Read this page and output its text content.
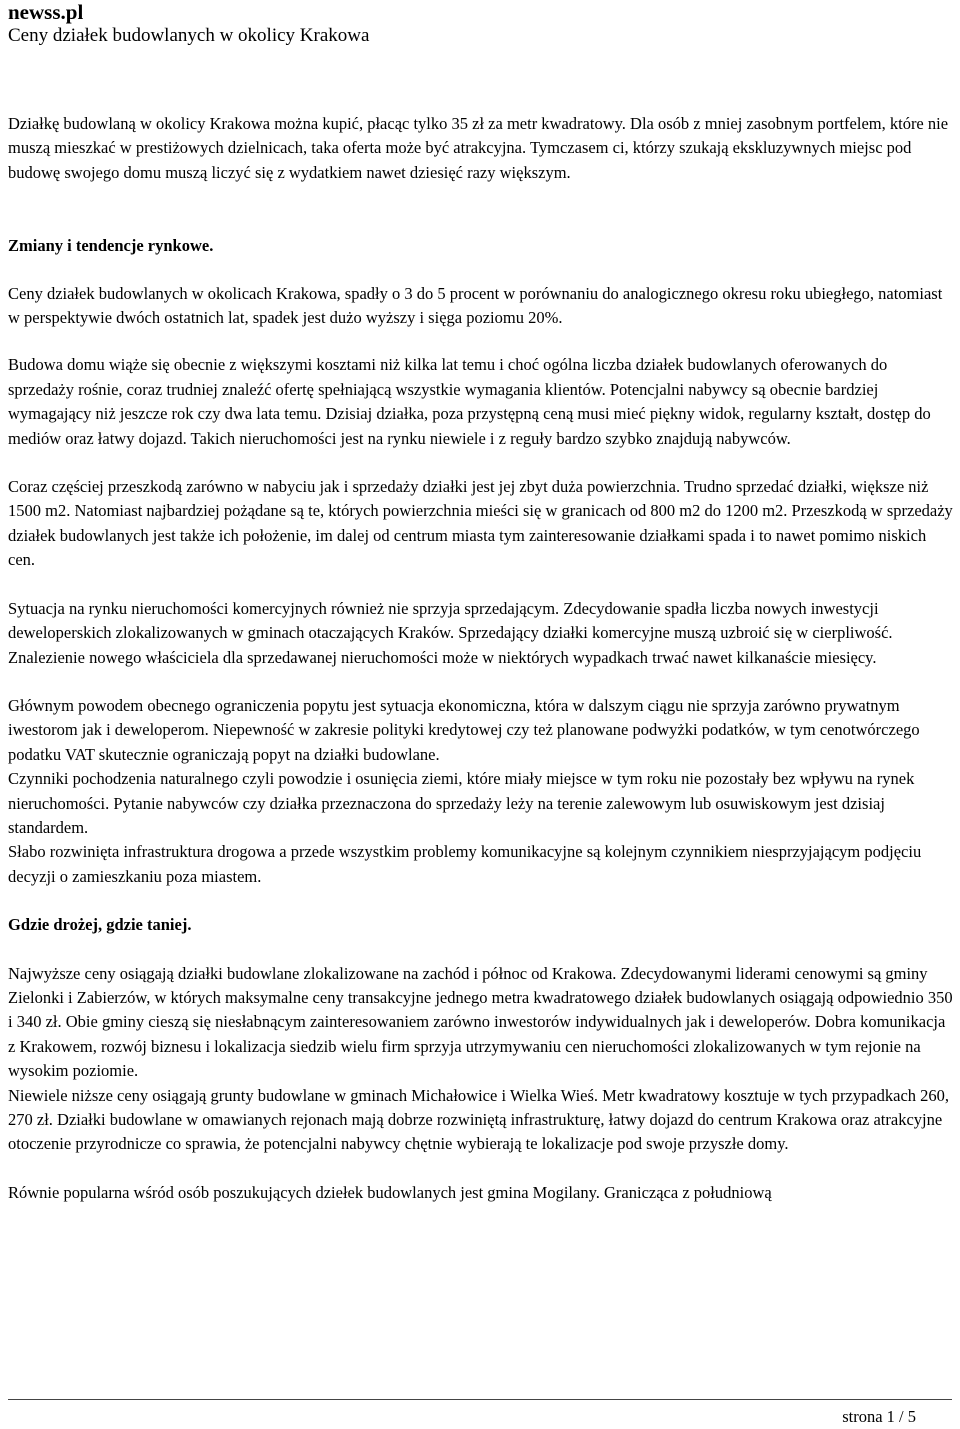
newss.pl

Ceny działek budowlanych w okolicy Krakowa

Działkę budowlaną w okolicy Krakowa można kupić, płacąc tylko 35 zł za metr kwadratowy. Dla osób z mniej zasobnym portfelem, które nie muszą mieszkać w prestiżowych dzielnicach, taka oferta może być atrakcyjna. Tymczasem ci, którzy szukają ekskluzywnych miejsc pod budowę swojego domu muszą liczyć się z wydatkiem nawet dziesięć razy większym.

Zmiany i tendencje rynkowe.

Ceny działek budowlanych w okolicach Krakowa, spadły o 3 do 5 procent w porównaniu do analogicznego okresu roku ubiegłego, natomiast w perspektywie dwóch ostatnich lat, spadek jest dużo wyższy i sięga poziomu 20%.

Budowa domu wiąże się obecnie z większymi kosztami niż kilka lat temu i choć ogólna liczba działek budowlanych oferowanych do sprzedaży rośnie, coraz trudniej znaleźć ofertę spełniającą wszystkie wymagania klientów. Potencjalni nabywcy są obecnie bardziej wymagający niż jeszcze rok czy dwa lata temu. Dzisiaj działka, poza przystępną ceną musi mieć piękny widok, regularny kształt, dostęp do mediów oraz łatwy dojazd. Takich nieruchomości jest na rynku niewiele i z reguły bardzo szybko znajdują nabywców.

Coraz częściej przeszkodą zarówno w nabyciu jak i sprzedaży działki jest jej zbyt duża powierzchnia. Trudno sprzedać działki, większe niż 1500 m2. Natomiast najbardziej pożądane są te, których powierzchnia mieści się w granicach od 800 m2 do 1200 m2. Przeszkodą w sprzedaży działek budowlanych jest także ich położenie, im dalej od centrum miasta tym zainteresowanie działkami spada i to nawet pomimo niskich cen.

Sytuacja na rynku nieruchomości komercyjnych również nie sprzyja sprzedającym. Zdecydowanie spadła liczba nowych inwestycji deweloperskich zlokalizowanych w gminach otaczających Kraków. Sprzedający działki komercyjne muszą uzbroić się w cierpliwość. Znalezienie nowego właściciela dla sprzedawanej nieruchomości może w niektórych wypadkach trwać nawet kilkanaście miesięcy.

Głównym powodem obecnego ograniczenia popytu jest sytuacja ekonomiczna, która w dalszym ciągu nie sprzyja zarówno prywatnym iwestorom jak i deweloperom. Niepewność w zakresie polityki kredytowej czy też planowane podwyżki podatków, w tym cenotwórczego podatku VAT skutecznie ograniczają popyt na działki budowlane.

Czynniki pochodzenia naturalnego czyli powodzie i osunięcia ziemi, które miały miejsce w tym roku nie pozostały bez wpływu na rynek nieruchomości. Pytanie nabywców czy działka przeznaczona do sprzedaży leży na terenie zalewowym lub osuwiskowym jest dzisiaj standardem.

Słabo rozwinięta infrastruktura drogowa a przede wszystkim problemy komunikacyjne są kolejnym czynnikiem niesprzyjającym podjęciu decyzji o zamieszkaniu poza miastem.

Gdzie drożej, gdzie taniej.

Najwyższe ceny osiągają działki budowlane zlokalizowane na zachód i północ od Krakowa. Zdecydowanymi liderami cenowymi są gminy Zielonki i Zabierzów, w których maksymalne ceny transakcyjne jednego metra kwadratowego działek budowlanych osiągają odpowiednio 350 i 340 zł. Obie gminy cieszą się niesłabnącym zainteresowaniem zarówno inwestorów indywidualnych jak i deweloperów. Dobra komunikacja z Krakowem, rozwój biznesu i lokalizacja siedzib wielu firm sprzyja utrzymywaniu cen nieruchomości zlokalizowanych w tym rejonie na wysokim poziomie.

Niewiele niższe ceny osiągają grunty budowlane w gminach Michałowice i Wielka Wieś. Metr kwadratowy kosztuje w tych przypadkach 260, 270 zł. Działki budowlane w omawianych rejonach mają dobrze rozwiniętą infrastrukturę, łatwy dojazd do centrum Krakowa oraz atrakcyjne otoczenie przyrodnicze co sprawia, że potencjalni nabywcy chętnie wybierają te lokalizacje pod swoje przyszłe domy.

Równie popularna wśród osób poszukujących dziełek budowlanych jest gmina Mogilany. Granicząca z południową

strona 1 / 5
